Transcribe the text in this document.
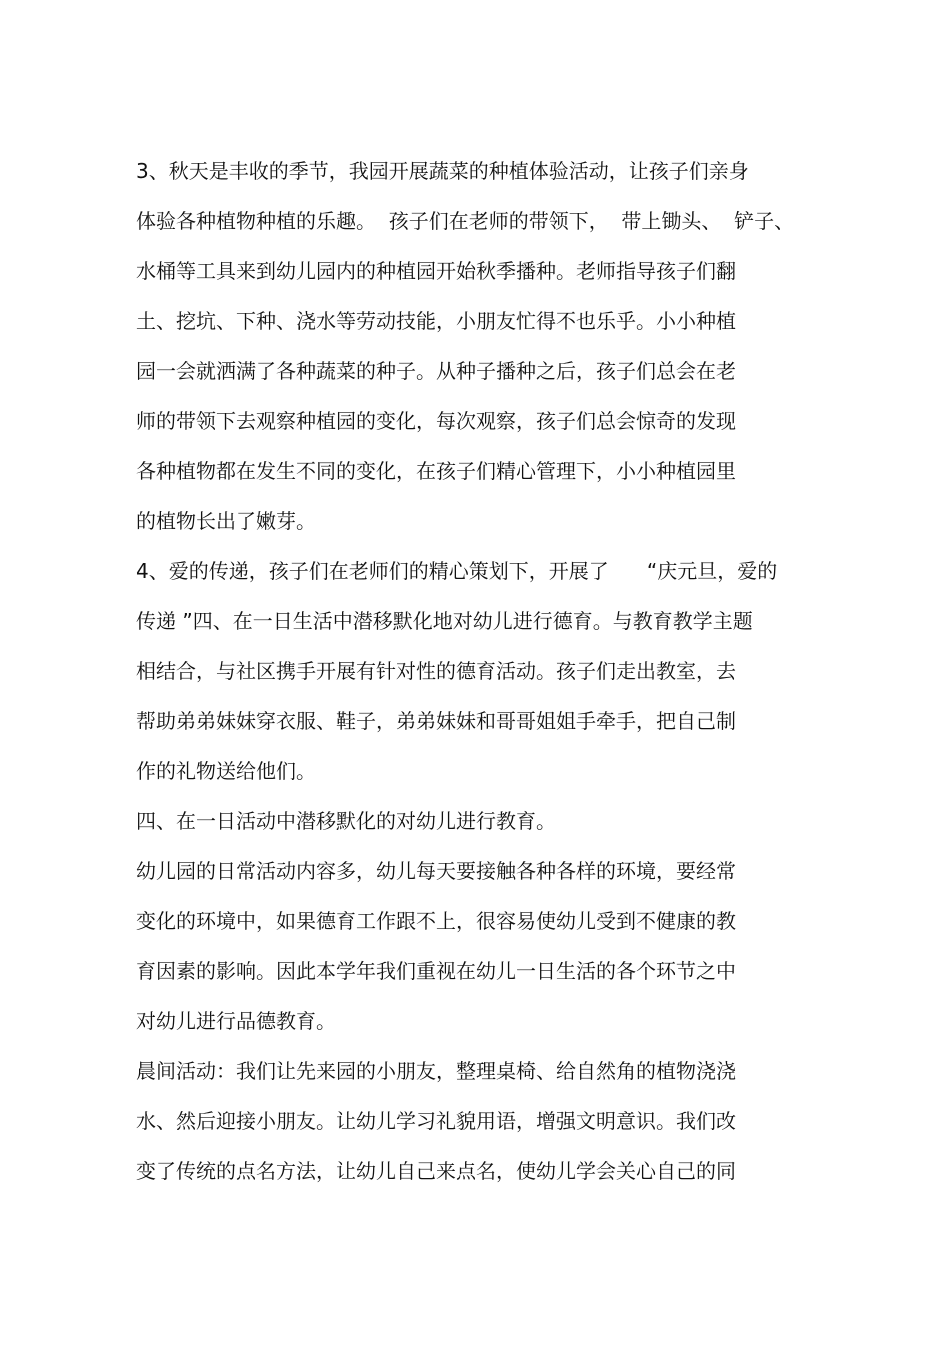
3、秋天是丰收的季节，我园开展蔬菜的种植体验活动，让孩子们亲身
体验各种植物种植的乐趣。  孩子们在老师的带领下，  带上锄头、  铲子、
水桶等工具来到幼儿园内的种植园开始秋季播种。老师指导孩子们翻
土、挖坑、下种、浇水等劳动技能，小朋友忙得不也乐乎。小小种植
园一会就洒满了各种蔬菜的种子。从种子播种之后，孩子们总会在老
师的带领下去观察种植园的变化，每次观察，孩子们总会惊奇的发现
各种植物都在发生不同的变化，在孩子们精心管理下，小小种植园里
的植物长出了嫩芽。
4、爱的传递，孩子们在老师们的精心策划下，开展了      “庆元旦，爱的
传递 ”四、在一日生活中潜移默化地对幼儿进行德育。与教育教学主题
相结合，与社区携手开展有针对性的德育活动。孩子们走出教室，去
帮助弟弟妹妹穿衣服、鞋子，弟弟妹妹和哥哥姐姐手牵手，把自己制
作的礼物送给他们。
四、在一日活动中潜移默化的对幼儿进行教育。
幼儿园的日常活动内容多，幼儿每天要接触各种各样的环境，要经常
变化的环境中，如果德育工作跟不上，很容易使幼儿受到不健康的教
育因素的影响。因此本学年我们重视在幼儿一日生活的各个环节之中
对幼儿进行品德教育。
晨间活动：我们让先来园的小朋友，整理桌椅、给自然角的植物浇浇
水、然后迎接小朋友。让幼儿学习礼貌用语，增强文明意识。我们改
变了传统的点名方法，让幼儿自己来点名，使幼儿学会关心自己的同
